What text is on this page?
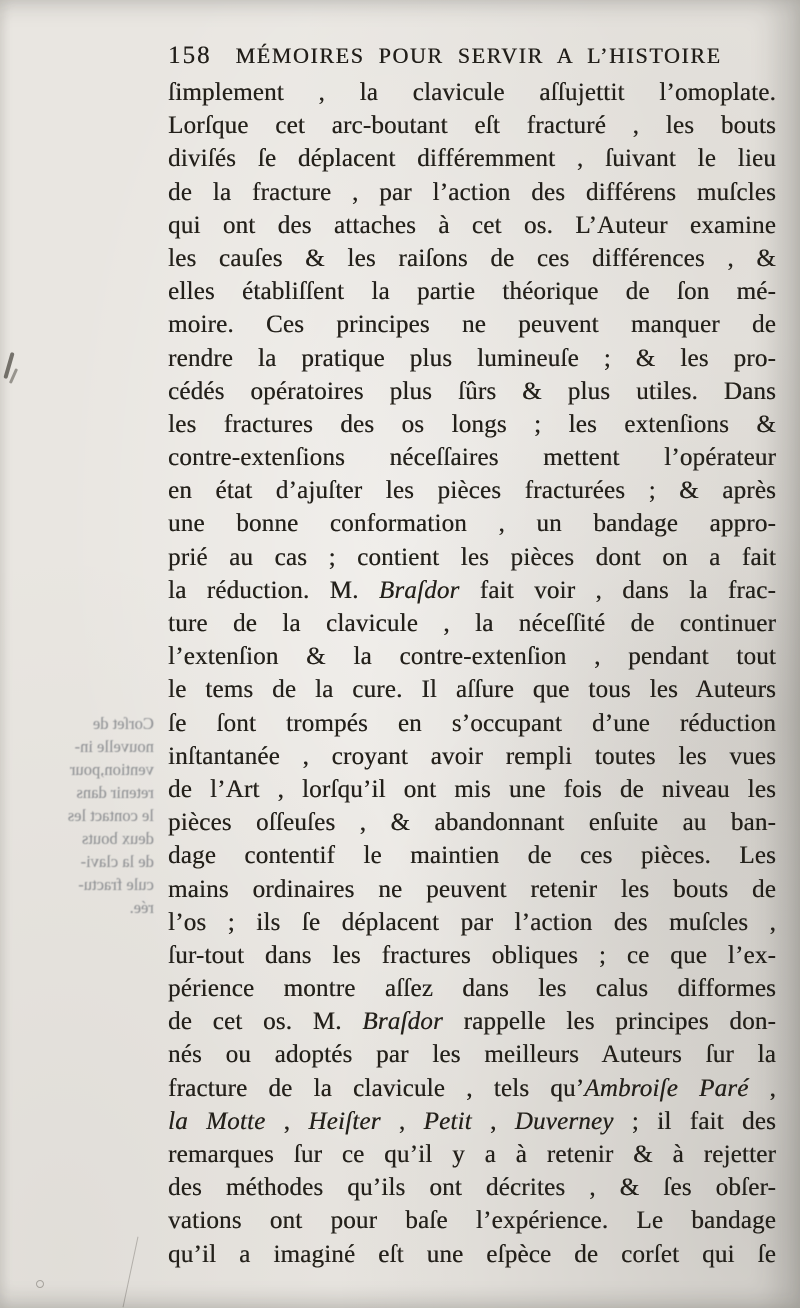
Corſet de
nouvelle in-
vention,pour
retenir dans
le contact les
deux bouts
de la clavi-
cule fractu-
rée.
158 MÉMOIRES POUR SERVIR A L’HISTOIRE
ſimplement , la clavicule aſſujettit l’omoplate.
Lorſque cet arc-boutant eſt fracturé , les bouts
diviſés ſe déplacent différemment , ſuivant le lieu
de la fracture , par l’action des différens muſcles
qui ont des attaches à cet os. L’Auteur examine
les cauſes & les raiſons de ces différences , &
elles établiſſent la partie théorique de ſon mé-
moire. Ces principes ne peuvent manquer de
rendre la pratique plus lumineuſe ; & les pro-
cédés opératoires plus ſûrs & plus utiles. Dans
les fractures des os longs ; les extenſions &
contre-extenſions néceſſaires mettent l’opérateur
en état d’ajuſter les pièces fracturées ; & après
une bonne conformation , un bandage appro-
prié au cas ; contient les pièces dont on a fait
la réduction. M. Braſdor fait voir , dans la frac-
ture de la clavicule , la néceſſité de continuer
l’extenſion & la contre-extenſion , pendant tout
le tems de la cure. Il aſſure que tous les Auteurs
ſe ſont trompés en s’occupant d’une réduction
inſtantanée , croyant avoir rempli toutes les vues
de l’Art , lorſqu’il ont mis une fois de niveau les
pièces oſſeuſes , & abandonnant enſuite au ban-
dage contentif le maintien de ces pièces. Les
mains ordinaires ne peuvent retenir les bouts de
l’os ; ils ſe déplacent par l’action des muſcles ,
ſur-tout dans les fractures obliques ; ce que l’ex-
périence montre aſſez dans les calus difformes
de cet os. M. Braſdor rappelle les principes don-
nés ou adoptés par les meilleurs Auteurs ſur la
fracture de la clavicule , tels qu’Ambroiſe Paré ,
la Motte , Heiſter , Petit , Duverney ; il fait des
remarques ſur ce qu’il y a à retenir & à rejetter
des méthodes qu’ils ont décrites , & ſes obſer-
vations ont pour baſe l’expérience. Le bandage
qu’il a imaginé eſt une eſpèce de corſet qui ſe
